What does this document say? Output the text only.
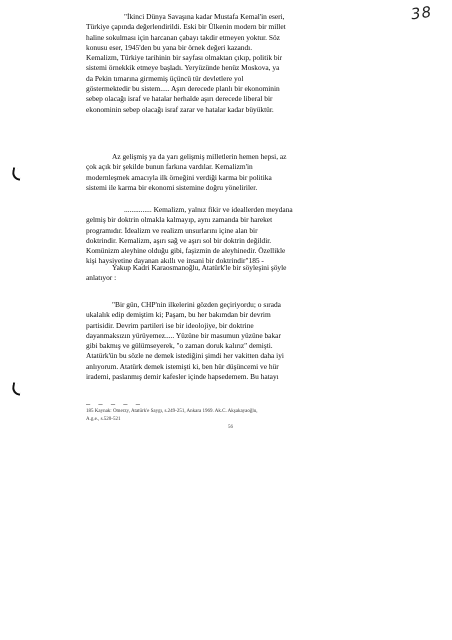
38
"İkinci Dünya Savaşına kadar Mustafa Kemal'in eseri,
Türkiye çapında değerlendirildi. Eski bir Ülkenin modern bir millet
haline sokulması için harcanan çabayı takdir etmeyen yoktur. Söz
konusu eser, 1945'den bu yana bir örnek değeri kazandı.
Kemalizm, Türkiye tarihinin bir sayfası olmaktan çıkıp, politik bir
sistemi örnekkik etmeye başladı. Yeryüzünde henüz Moskova, ya
da Pekin tımarına girmemiş üçüncü tür devletlere yol
göstermektedir bu sistem..... Aşırı derecede planlı bir ekonominin
sebep olacağı israf ve hatalar herhalde aşırı derecede liberal bir
ekonominin sebep olacağı israf zarar ve hatalar kadar büyüktür.
Az gelişmiş ya da yarı gelişmiş milletlerin hemen hepsi, az
çok açık bir şekilde bunun farkına vardılar. Kemalizm'in
modernleşmek amacıyla ilk örneğini verdiği karma bir politika
sistemi ile karma bir ekonomi sistemine doğru yöneliriler.
............... Kemalizm, yalnız fikir ve ideallerden meydana
gelmiş bir doktrin olmakla kalmayıp, aynı zamanda bir hareket
programıdır. İdealizm ve realizm unsurlarını içine alan bir
doktrindir. Kemalizm, aşırı sağ ve aşırı sol bir doktrin değildir.
Komünizm aleyhine olduğu gibi, faşizmin de aleyhinedir. Özellikle
kişi haysiyetine dayanan akıllı ve insani bir doktrindir"185 -
Yakup Kadri Karaosmanoğlu, Atatürk'le bir söyleşini şöyle
anlatıyor :
"Bir gün, CHP'nin ilkelerini gözden geçiriyordu; o sırada
ukalalık edip demiştim ki; Paşam, bu her bakımdan bir devrim
partisidir. Devrim partileri ise bir ideolojiye, bir doktrine
dayanmaksızın yürüyemez..... Yüzüne bir masumun yüzüne bakar
gibi bakmış ve gülümseyerek, "o zaman doruk kalırız" demişti.
Atatürk'ün bu sözle ne demek istediğini şimdi her vakitten daha iyi
anlıyorum. Atatürk demek istemişti ki, ben hür düşüncemi ve hür
irademi, paslanmış demir kafesler içinde hapsedemem. Bu hatayı
— — — — —
185 Kaynak: Ömerzy, Atatürk'e Saygı, s.249-251, Ankara 1969. Ak.C. Akşakayaoğlu,
A.g.e., s.520-521
56
